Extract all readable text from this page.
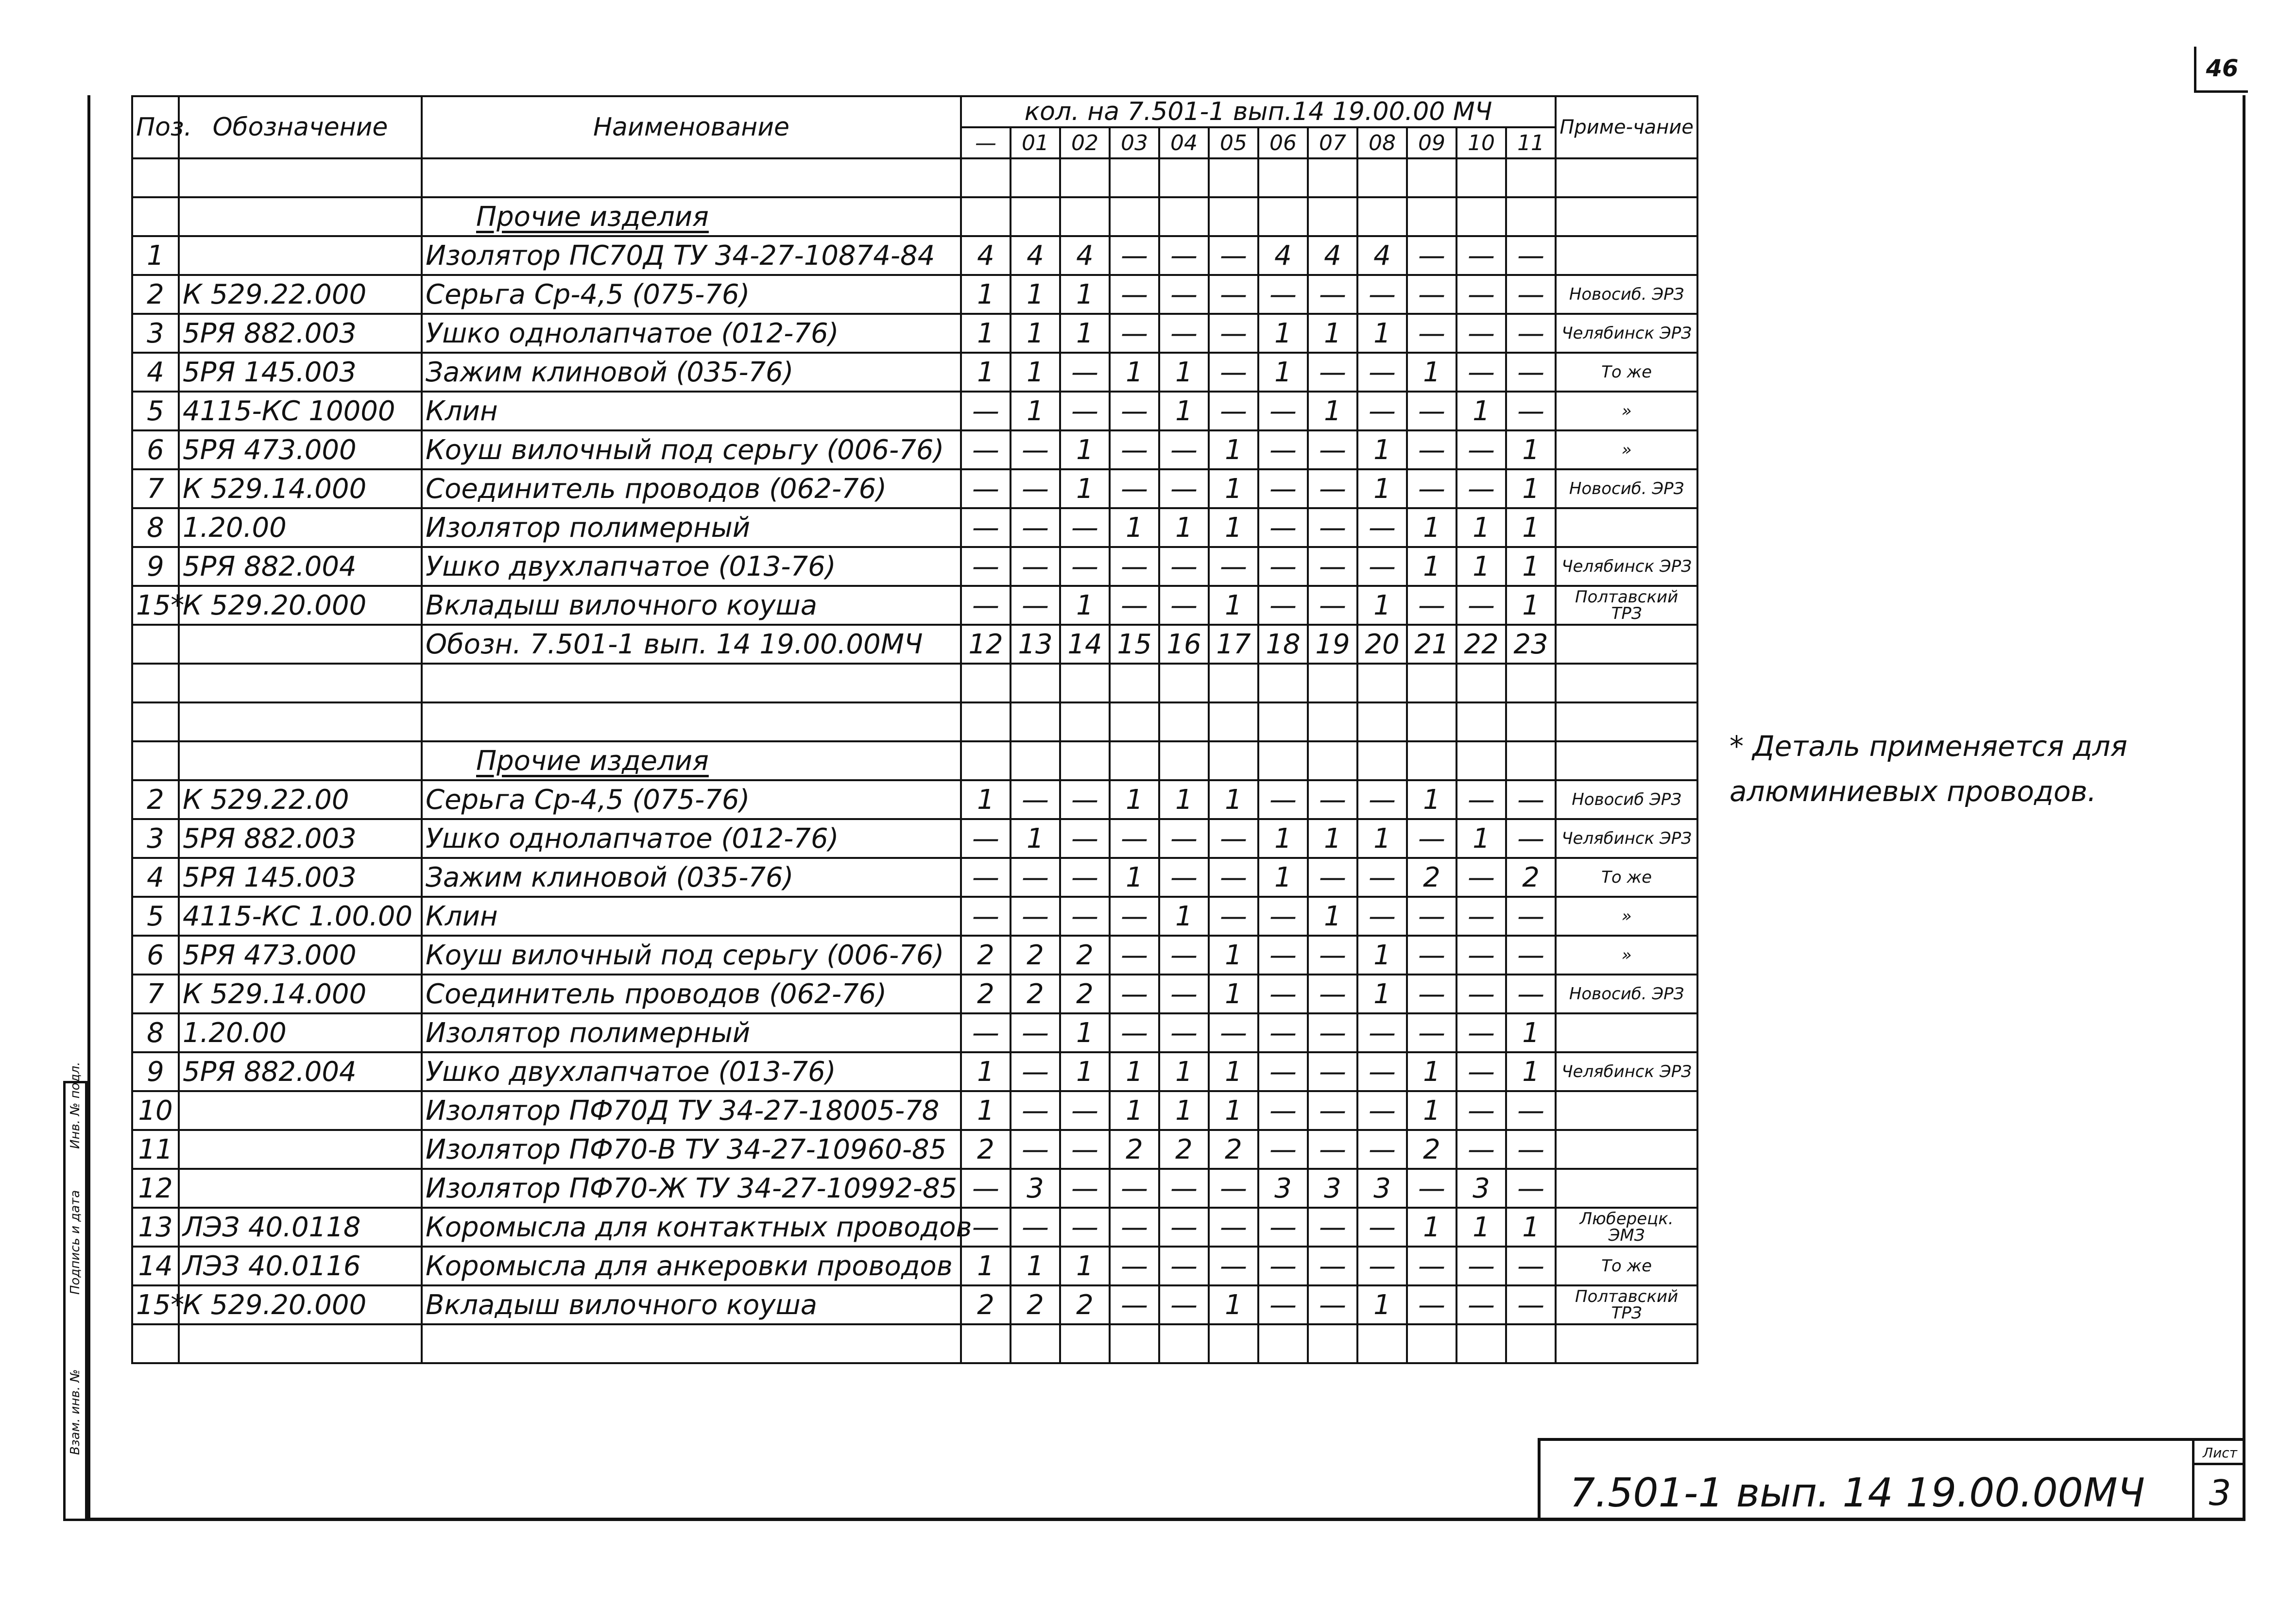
46
Инв. № подл.
Подпись и дата
Взам. инв. №
Поз.	Обозначение	Наименование	кол. на 7.501-1 вып.14 19.00.00 МЧ												Приме-чание
			—	01	02	03	04	05	06	07	08	09	10	11	

		Прочие изделия													
1		Изолятор ПС70Д ТУ 34-27-10874-84	4	4	4	—	—	—	4	4	4	—	—	—	
2	К 529.22.000	Серьга Ср-4,5 (075-76)	1	1	1	—	—	—	—	—	—	—	—	—	Новосиб. ЭРЗ
3	5РЯ 882.003	Ушко однолапчатое (012-76)	1	1	1	—	—	—	1	1	1	—	—	—	Челябинск ЭРЗ
4	5РЯ 145.003	Зажим клиновой (035-76)	1	1	—	1	1	—	1	—	—	1	—	—	То же
5	4115-КС 10000	Клин	—	1	—	—	1	—	—	1	—	—	1	—	»
6	5РЯ 473.000	Коуш вилочный под серьгу (006-76)	—	—	1	—	—	1	—	—	1	—	—	1	»
7	К 529.14.000	Соединитель проводов (062-76)	—	—	1	—	—	1	—	—	1	—	—	1	Новосиб. ЭРЗ
8	1.20.00	Изолятор полимерный	—	—	—	1	1	1	—	—	—	1	1	1	
9	5РЯ 882.004	Ушко двухлапчатое (013-76)	—	—	—	—	—	—	—	—	—	1	1	1	Челябинск ЭРЗ
15*	К 529.20.000	Вкладыш вилочного коуша	—	—	1	—	—	1	—	—	1	—	—	1	Полтавский ТРЗ
		Обозн. 7.501-1 вып. 14 19.00.00МЧ	12	13	14	15	16	17	18	19	20	21	22	23	

		Прочие изделия													
2	К 529.22.00	Серьга Ср-4,5 (075-76)	1	—	—	1	1	1	—	—	—	1	—	—	Новосиб ЭРЗ
3	5РЯ 882.003	Ушко однолапчатое (012-76)	—	1	—	—	—	—	1	1	1	—	1	—	Челябинск ЭРЗ
4	5РЯ 145.003	Зажим клиновой (035-76)	—	—	—	1	—	—	1	—	—	2	—	2	То же
5	4115-КС 1.00.00	Клин	—	—	—	—	1	—	—	1	—	—	—	—	»
6	5РЯ 473.000	Коуш вилочный под серьгу (006-76)	2	2	2	—	—	1	—	—	1	—	—	—	»
7	К 529.14.000	Соединитель проводов (062-76)	2	2	2	—	—	1	—	—	1	—	—	—	Новосиб. ЭРЗ
8	1.20.00	Изолятор полимерный	—	—	1	—	—	—	—	—	—	—	—	1	
9	5РЯ 882.004	Ушко двухлапчатое (013-76)	1	—	1	1	1	1	—	—	—	1	—	1	Челябинск ЭРЗ
10		Изолятор ПФ70Д ТУ 34-27-18005-78	1	—	—	1	1	1	—	—	—	1	—	—	
11		Изолятор ПФ70-В ТУ 34-27-10960-85	2	—	—	2	2	2	—	—	—	2	—	—	
12		Изолятор ПФ70-Ж ТУ 34-27-10992-85	—	3	—	—	—	—	3	3	3	—	3	—	
13	ЛЭЗ 40.0118	Коромысла для контактных проводов	—	—	—	—	—	—	—	—	—	1	1	1	Люберецк. ЭМЗ
14	ЛЭЗ 40.0116	Коромысла для анкеровки проводов	1	1	1	—	—	—	—	—	—	—	—	—	То же
15*	К 529.20.000	Вкладыш вилочного коуша	2	2	2	—	—	1	—	—	1	—	—	—	Полтавский ТРЗ

* Деталь применяется для алюминиевых проводов.
7.501-1 вып. 14 19.00.00МЧ
Лист
3
